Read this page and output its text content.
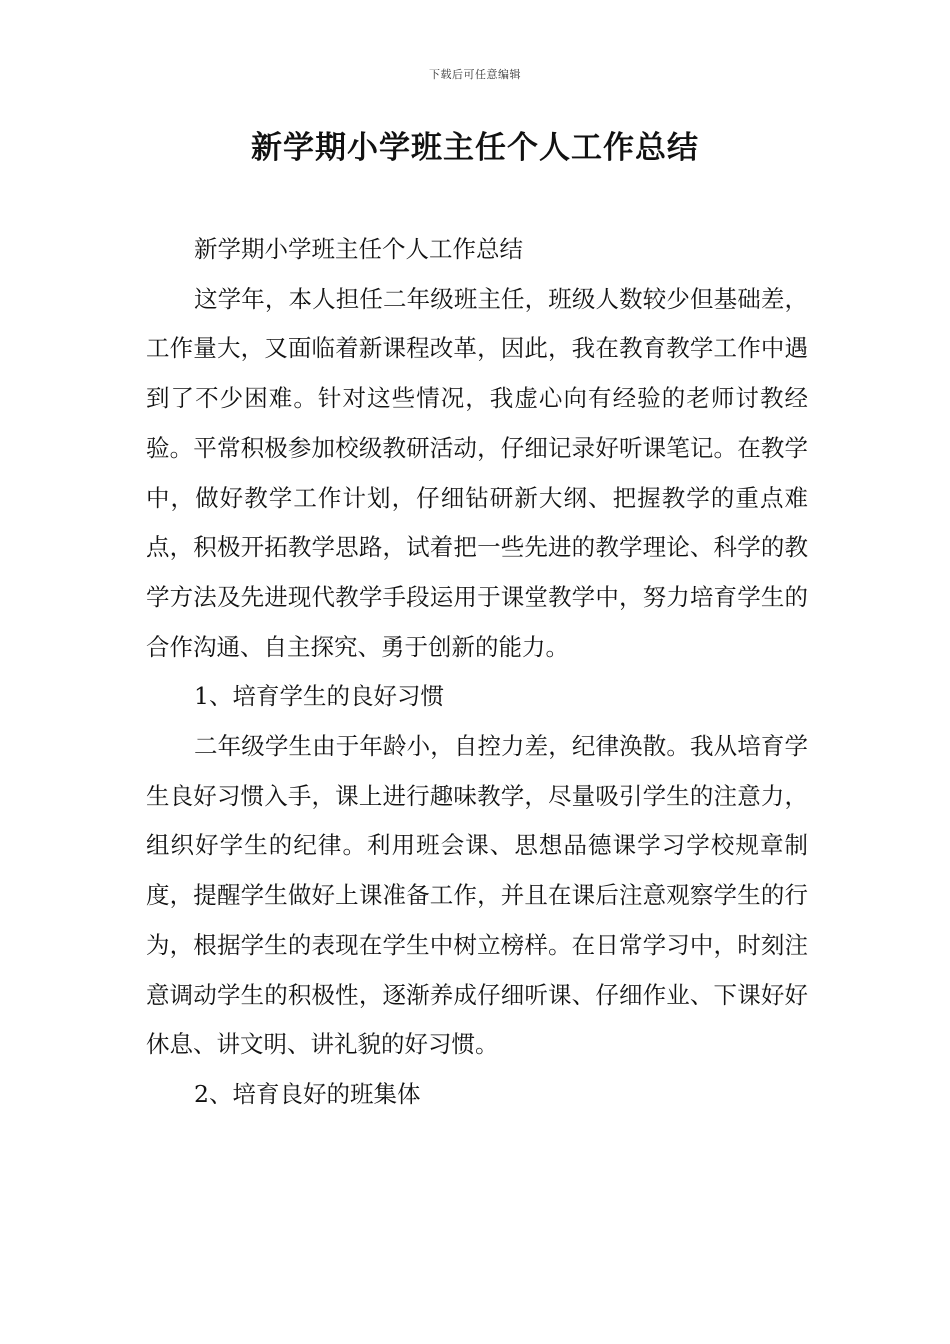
下载后可任意编辑
新学期小学班主任个人工作总结

新学期小学班主任个人工作总结

这学年，本人担任二年级班主任，班级人数较少但基础差，工作量大，又面临着新课程改革，因此，我在教育教学工作中遇到了不少困难。针对这些情况，我虚心向有经验的老师讨教经验。平常积极参加校级教研活动，仔细记录好听课笔记。在教学中，做好教学工作计划，仔细钻研新大纲、把握教学的重点难点，积极开拓教学思路，试着把一些先进的教学理论、科学的教学方法及先进现代教学手段运用于课堂教学中，努力培育学生的合作沟通、自主探究、勇于创新的能力。

1、培育学生的良好习惯

二年级学生由于年龄小，自控力差，纪律涣散。我从培育学生良好习惯入手，课上进行趣味教学，尽量吸引学生的注意力，组织好学生的纪律。利用班会课、思想品德课学习学校规章制度，提醒学生做好上课准备工作，并且在课后注意观察学生的行为，根据学生的表现在学生中树立榜样。在日常学习中，时刻注意调动学生的积极性，逐渐养成仔细听课、仔细作业、下课好好休息、讲文明、讲礼貌的好习惯。

2、培育良好的班集体
